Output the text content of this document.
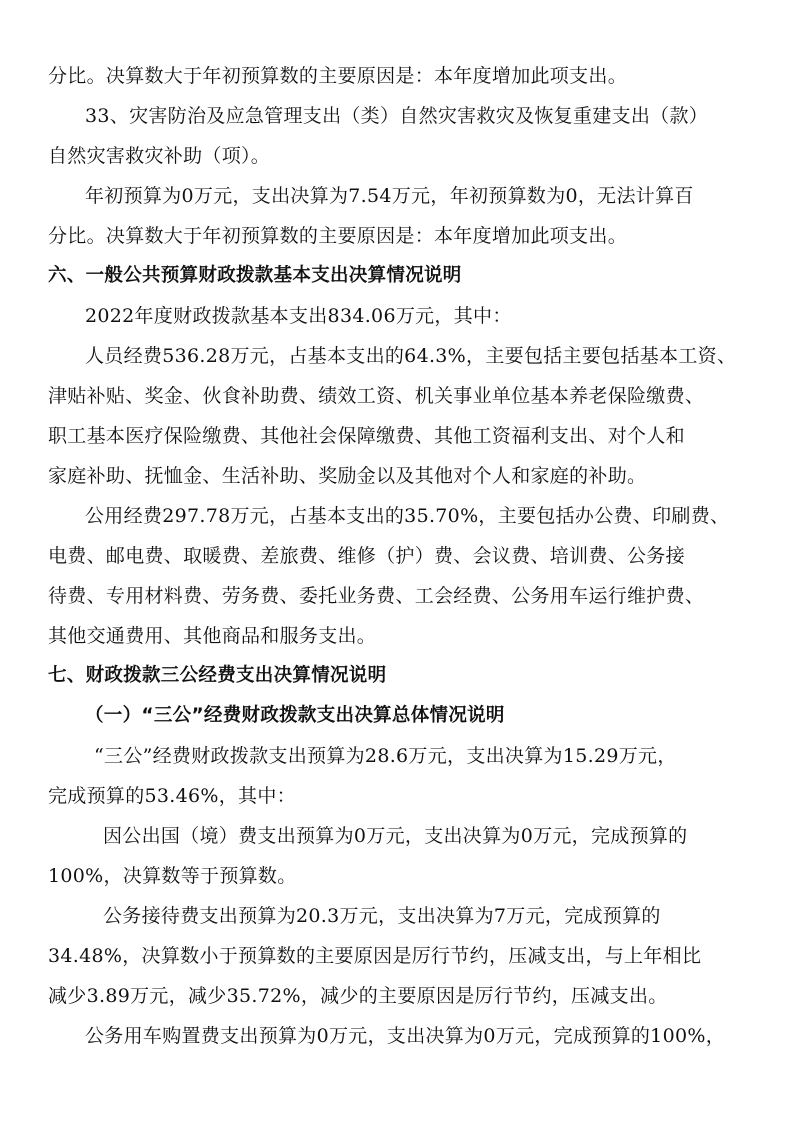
分比。决算数大于年初预算数的主要原因是：本年度增加此项支出。
33、灾害防治及应急管理支出（类）自然灾害救灾及恢复重建支出（款）
自然灾害救灾补助（项）。
年初预算为0万元，支出决算为7.54万元，年初预算数为0，无法计算百
分比。决算数大于年初预算数的主要原因是：本年度增加此项支出。
六、一般公共预算财政拨款基本支出决算情况说明
2022年度财政拨款基本支出834.06万元，其中：
人员经费536.28万元，占基本支出的64.3%，主要包括主要包括基本工资、
津贴补贴、奖金、伙食补助费、绩效工资、机关事业单位基本养老保险缴费、
职工基本医疗保险缴费、其他社会保障缴费、其他工资福利支出、对个人和
家庭补助、抚恤金、生活补助、奖励金以及其他对个人和家庭的补助。
公用经费297.78万元，占基本支出的35.70%，主要包括办公费、印刷费、
电费、邮电费、取暖费、差旅费、维修（护）费、会议费、培训费、公务接
待费、专用材料费、劳务费、委托业务费、工会经费、公务用车运行维护费、
其他交通费用、其他商品和服务支出。
七、财政拨款三公经费支出决算情况说明
（一）“三公”经费财政拨款支出决算总体情况说明
“三公”经费财政拨款支出预算为28.6万元，支出决算为15.29万元，
完成预算的53.46%，其中：
因公出国（境）费支出预算为0万元，支出决算为0万元，完成预算的
100%，决算数等于预算数。
公务接待费支出预算为20.3万元，支出决算为7万元，完成预算的
34.48%，决算数小于预算数的主要原因是厉行节约，压减支出，与上年相比
减少3.89万元，减少35.72%，减少的主要原因是厉行节约，压减支出。
公务用车购置费支出预算为0万元，支出决算为0万元，完成预算的100%，
